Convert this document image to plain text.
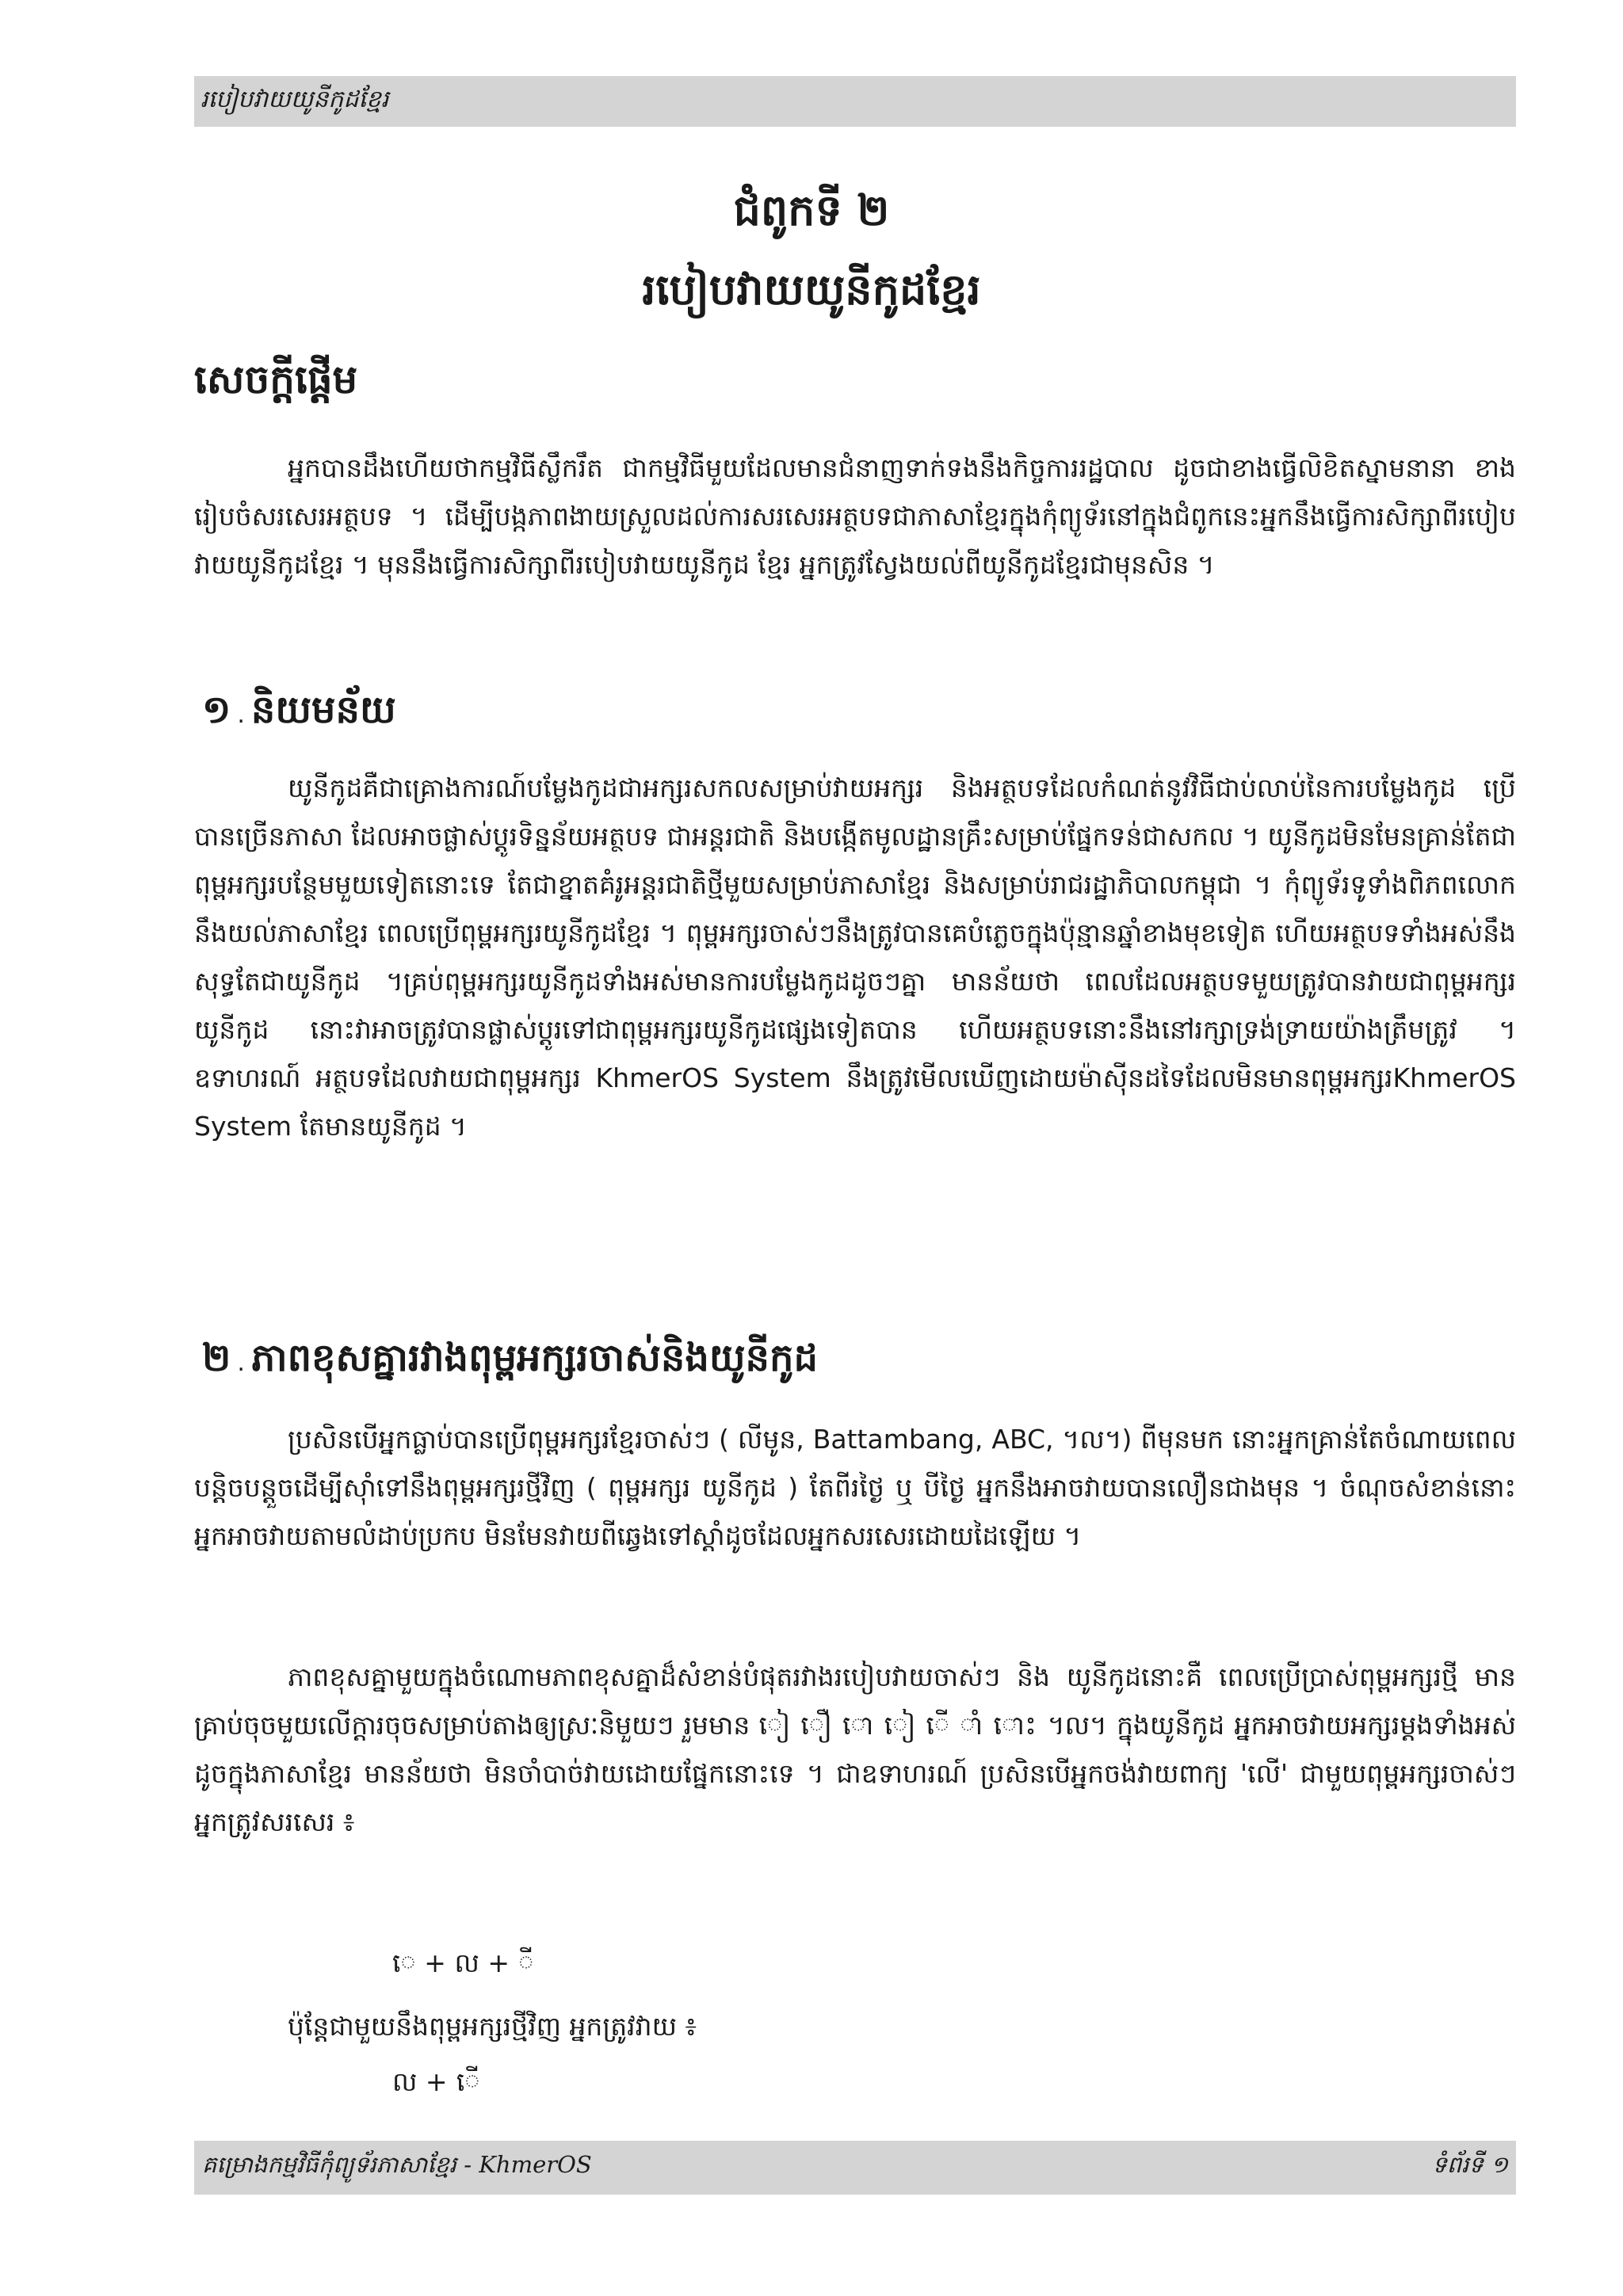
របៀបវាយយូនីកូដខ្មែរ
ជំពូកទី ២
របៀបវាយយូនីកូដខ្មែរ
សេចក្ដីផ្ដើម

អ្នកបានដឹងហើយថាកម្មវិធីស្លឹករឹត ជាកម្មវិធីមួយដែលមានជំនាញទាក់ទងនឹងកិច្ចការរដ្ឋបាល ដូចជាខាងធ្វើលិខិតស្នាមនានា ខាងរៀបចំសរសេរអត្ថបទ ។ ដើម្បីបង្កភាពងាយស្រួលដល់ការសរសេរអត្ថបទជាភាសាខ្មែរក្នុងកុំព្យូទ័រនៅក្នុងជំពូកនេះអ្នកនឹងធ្វើការសិក្សាពីរបៀបវាយយូនីកូដខ្មែរ ។ មុននឹងធ្វើការសិក្សាពីរបៀបវាយយូនីកូដ ខ្មែរ អ្នកត្រូវស្វែងយល់ពីយូនីកូដខ្មែរជាមុនសិន ។

១ . និយមន័យ

យូនីកូដគឺជាគ្រោងការណ៍បម្លែងកូដជាអក្សរសកលសម្រាប់វាយអក្សរ និងអត្ថបទដែលកំណត់នូវវិធីជាប់លាប់នៃការបម្លែងកូដ ប្រើបានច្រើនភាសា ដែលអាចផ្លាស់ប្ដូរទិន្នន័យអត្ថបទ ជាអន្តរជាតិ និងបង្កើតមូលដ្ឋានគ្រឹះសម្រាប់ផ្នែកទន់ជាសកល ។ យូនីកូដមិនមែនគ្រាន់តែជាពុម្ពអក្សរបន្ថែមមួយទៀតនោះទេ តែជាខ្នាតគំរូអន្តរជាតិថ្មីមួយសម្រាប់ភាសាខ្មែរ និងសម្រាប់រាជរដ្ឋាភិបាលកម្ពុជា ។ កុំព្យូទ័រទូទាំងពិភពលោកនឹងយល់ភាសាខ្មែរ ពេលប្រើពុម្ពអក្សរយូនីកូដខ្មែរ ។ ពុម្ពអក្សរចាស់ៗនឹងត្រូវបានគេបំភ្លេចក្នុងប៉ុន្មានឆ្នាំខាងមុខទៀត ហើយអត្ថបទទាំងអស់នឹងសុទ្ធតែជាយូនីកូដ ។គ្រប់ពុម្ពអក្សរយូនីកូដទាំងអស់មានការបម្លែងកូដដូចៗគ្នា មានន័យថា ពេលដែលអត្ថបទមួយត្រូវបានវាយជាពុម្ពអក្សរយូនីកូដ នោះវាអាចត្រូវបានផ្លាស់ប្ដូរទៅជាពុម្ពអក្សរយូនីកូដផ្សេងទៀតបាន ហើយអត្ថបទនោះនឹងនៅរក្សាទ្រង់ទ្រាយយ៉ាងត្រឹមត្រូវ ។ ឧទាហរណ៍ អត្ថបទដែលវាយជាពុម្ពអក្សរ KhmerOS System នឹងត្រូវមើលឃើញដោយម៉ាស៊ីនដទៃដែលមិនមានពុម្ពអក្សរKhmerOS System តែមានយូនីកូដ ។

២ . ភាពខុសគ្នារវាងពុម្ពអក្សរចាស់និងយូនីកូដ

ប្រសិនបើអ្នកធ្លាប់បានប្រើពុម្ពអក្សរខ្មែរចាស់ៗ ( លីមូន, Battambang, ABC, ។ល។) ពីមុនមក នោះអ្នកគ្រាន់តែចំណាយពេលបន្តិចបន្តួចដើម្បីសុាំទៅនឹងពុម្ពអក្សរថ្មីវិញ ( ពុម្ពអក្សរ យូនីកូដ ) តែពីរថ្ងៃ ឬ បីថ្ងៃ អ្នកនឹងអាចវាយបានលឿនជាងមុន ។ ចំណុចសំខាន់នោះ អ្នកអាចវាយតាមលំដាប់ប្រកប មិនមែនវាយពីឆ្វេងទៅស្ដាំដូចដែលអ្នកសរសេរដោយដៃឡើយ ។

ភាពខុសគ្នាមួយក្នុងចំណោមភាពខុសគ្នាដ៏សំខាន់បំផុតរវាងរបៀបវាយចាស់ៗ និង យូនីកូដនោះគឺ ពេលប្រើប្រាស់ពុម្ពអក្សរថ្មី មានគ្រាប់ចុចមួយលើក្ដារចុចសម្រាប់តាងឲ្យស្រៈនិមួយៗ រួមមាន ៀ ឿ ោ ៀ ើ ាំ ោះ ។ល។ ក្នុងយូនីកូដ អ្នកអាចវាយអក្សរម្ដងទាំងអស់ដូចក្នុងភាសាខ្មែរ មានន័យថា មិនចាំបាច់វាយដោយផ្នែកនោះទេ ។ ជាឧទាហរណ៍ ប្រសិនបើអ្នកចង់វាយពាក្យ 'លើ' ជាមួយពុម្ពអក្សរចាស់ៗអ្នកត្រូវសរសេរ ៖

េ + ល + ី
ប៉ុន្តែជាមួយនឹងពុម្ពអក្សរថ្មីវិញ អ្នកត្រូវវាយ ៖
ល + ើ
គម្រោងកម្មវិធីកុំព្យូទ័រភាសាខ្មែរ - KhmerOS	ទំព័រទី ១
